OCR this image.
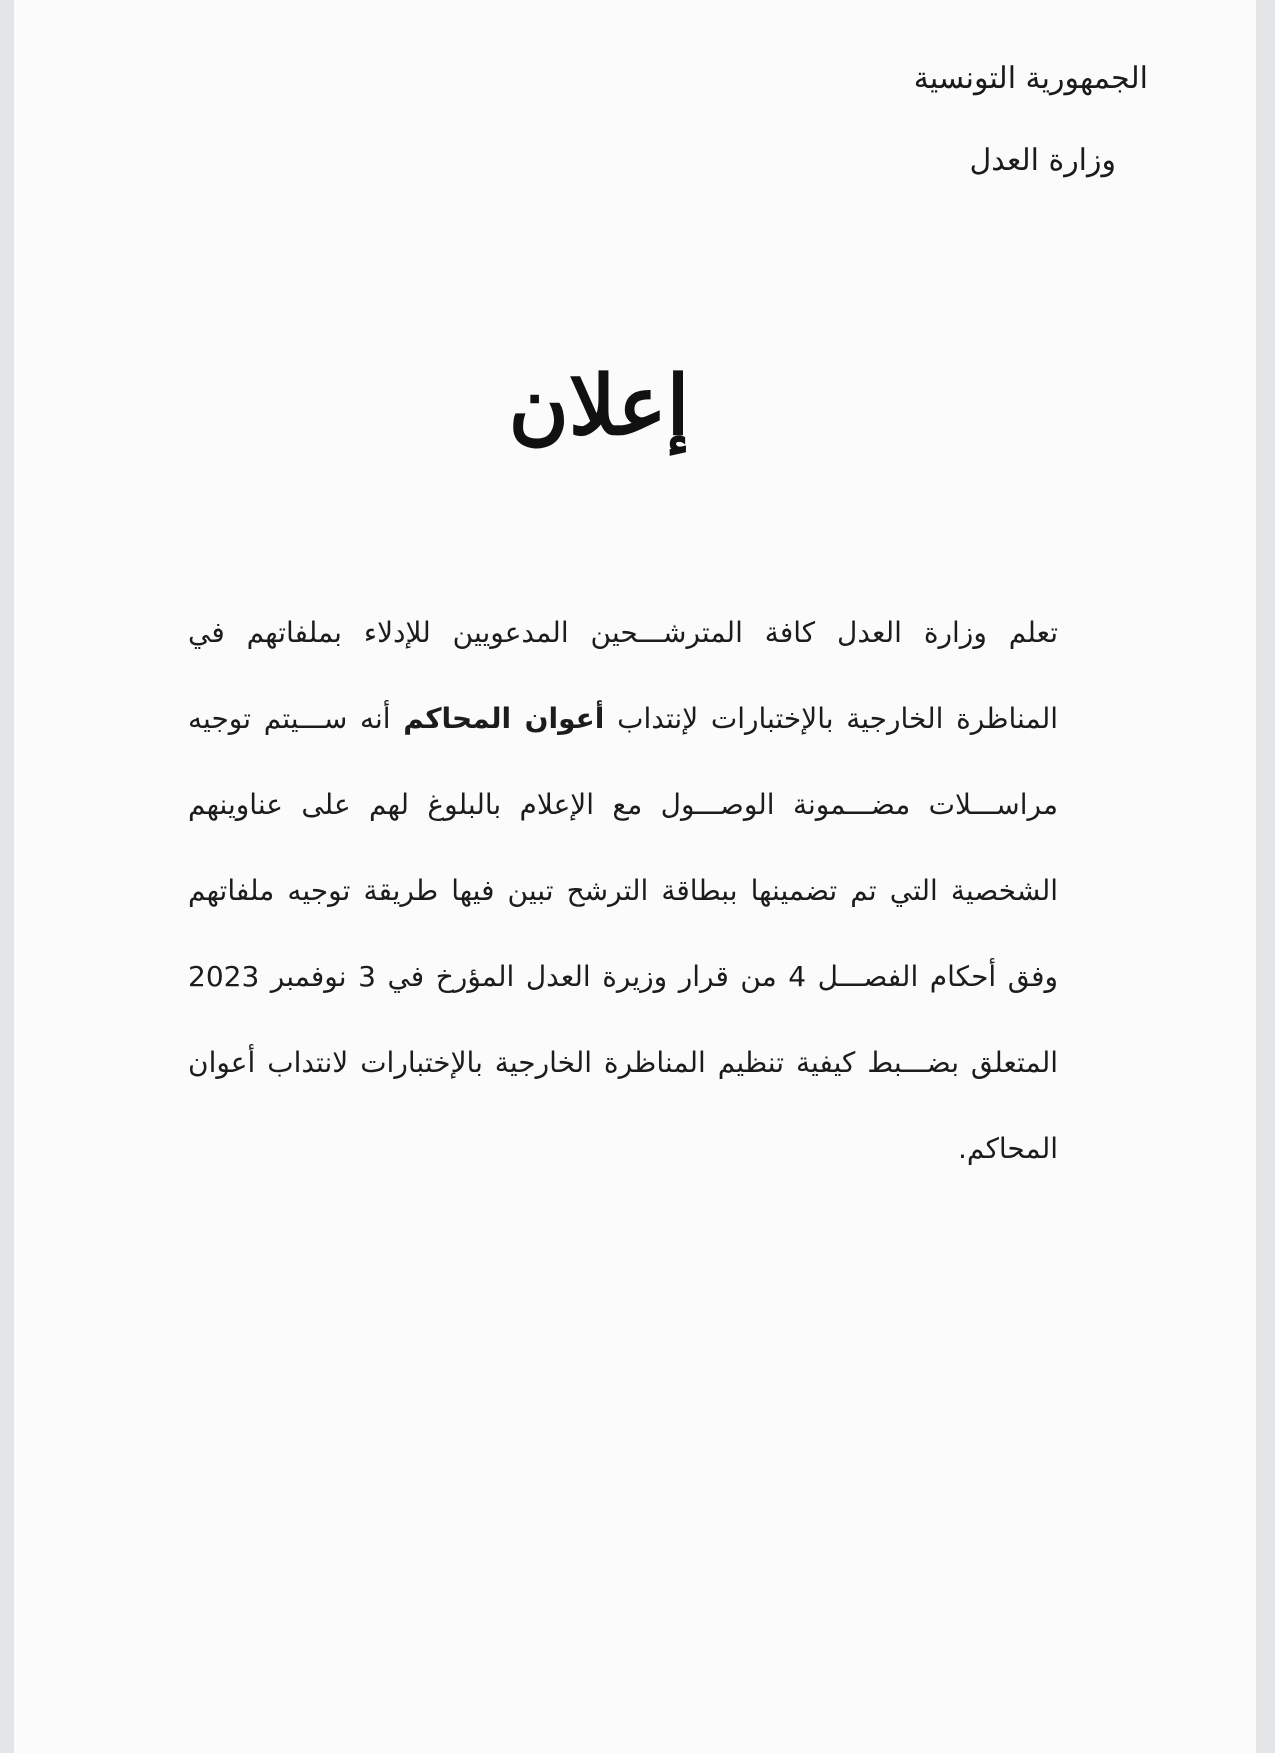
الجمهورية التونسية
وزارة العدل
إعلان
تعلم وزارة العدل كافة المترشـــحين المدعويين للإدلاء بملفاتهم في
المناظرة الخارجية بالإختبارات لإنتداب أعوان المحاكم أنه ســـيتم توجيه
مراســـلات مضـــمونة الوصـــول مع الإعلام بالبلوغ لهم على عناوينهم
الشخصية التي تم تضمينها ببطاقة الترشح تبين فيها طريقة توجيه ملفاتهم
وفق أحكام الفصـــل 4 من قرار وزيرة العدل المؤرخ في 3 نوفمبر 2023
المتعلق بضـــبط كيفية تنظيم المناظرة الخارجية بالإختبارات لانتداب أعوان
المحاكم.
